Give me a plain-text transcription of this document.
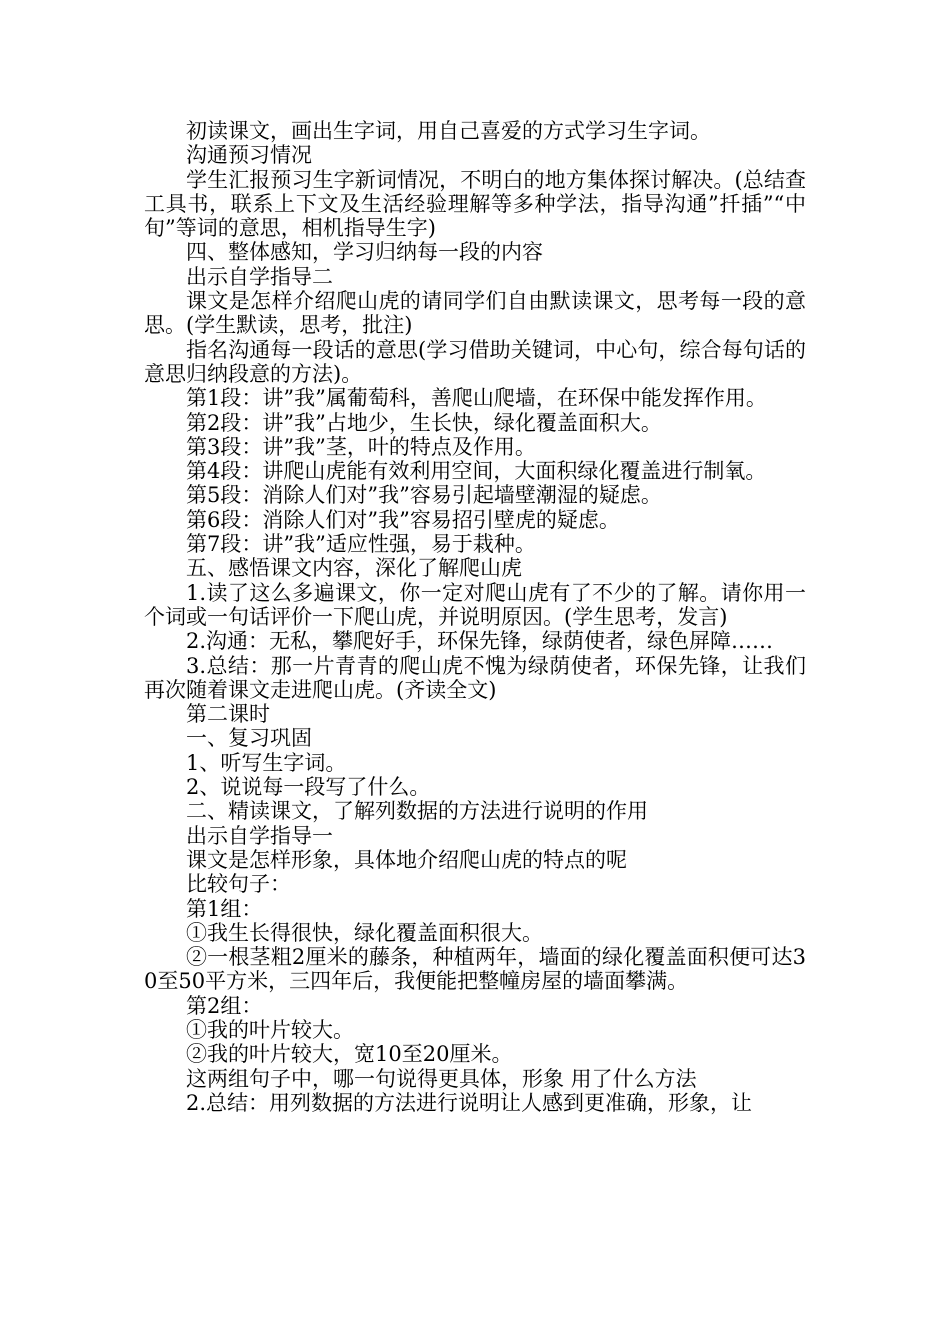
初读课文，画出生字词，用自己喜爱的方式学习生字词。

沟通预习情况

学生汇报预习生字新词情况，不明白的地方集体探讨解决。(总结查工具书，联系上下文及生活经验理解等多种学法，指导沟通”扦插”“中旬”等词的意思，相机指导生字)

四、整体感知，学习归纳每一段的内容

出示自学指导二

课文是怎样介绍爬山虎的请同学们自由默读课文，思考每一段的意思。(学生默读，思考，批注)

指名沟通每一段话的意思(学习借助关键词，中心句，综合每句话的意思归纳段意的方法)。

第1段：讲”我”属葡萄科，善爬山爬墙，在环保中能发挥作用。

第2段：讲”我”占地少，生长快，绿化覆盖面积大。

第3段：讲”我”茎，叶的特点及作用。

第4段：讲爬山虎能有效利用空间，大面积绿化覆盖进行制氧。

第5段：消除人们对”我”容易引起墙壁潮湿的疑虑。

第6段：消除人们对”我”容易招引壁虎的疑虑。

第7段：讲”我”适应性强，易于栽种。

五、感悟课文内容，深化了解爬山虎

1.读了这么多遍课文，你一定对爬山虎有了不少的了解。请你用一个词或一句话评价一下爬山虎，并说明原因。(学生思考，发言)

2.沟通：无私，攀爬好手，环保先锋，绿荫使者，绿色屏障……

3.总结：那一片青青的爬山虎不愧为绿荫使者，环保先锋，让我们再次随着课文走进爬山虎。(齐读全文)

第二课时

一、复习巩固

1、听写生字词。

2、说说每一段写了什么。

二、精读课文，了解列数据的方法进行说明的作用

出示自学指导一

课文是怎样形象，具体地介绍爬山虎的特点的呢

比较句子：

第1组：

①我生长得很快，绿化覆盖面积很大。

②一根茎粗2厘米的藤条，种植两年，墙面的绿化覆盖面积便可达30至50平方米，三四年后，我便能把整幢房屋的墙面攀满。

第2组：

①我的叶片较大。

②我的叶片较大，宽10至20厘米。

这两组句子中，哪一句说得更具体，形象 用了什么方法

2.总结：用列数据的方法进行说明让人感到更准确，形象，让
